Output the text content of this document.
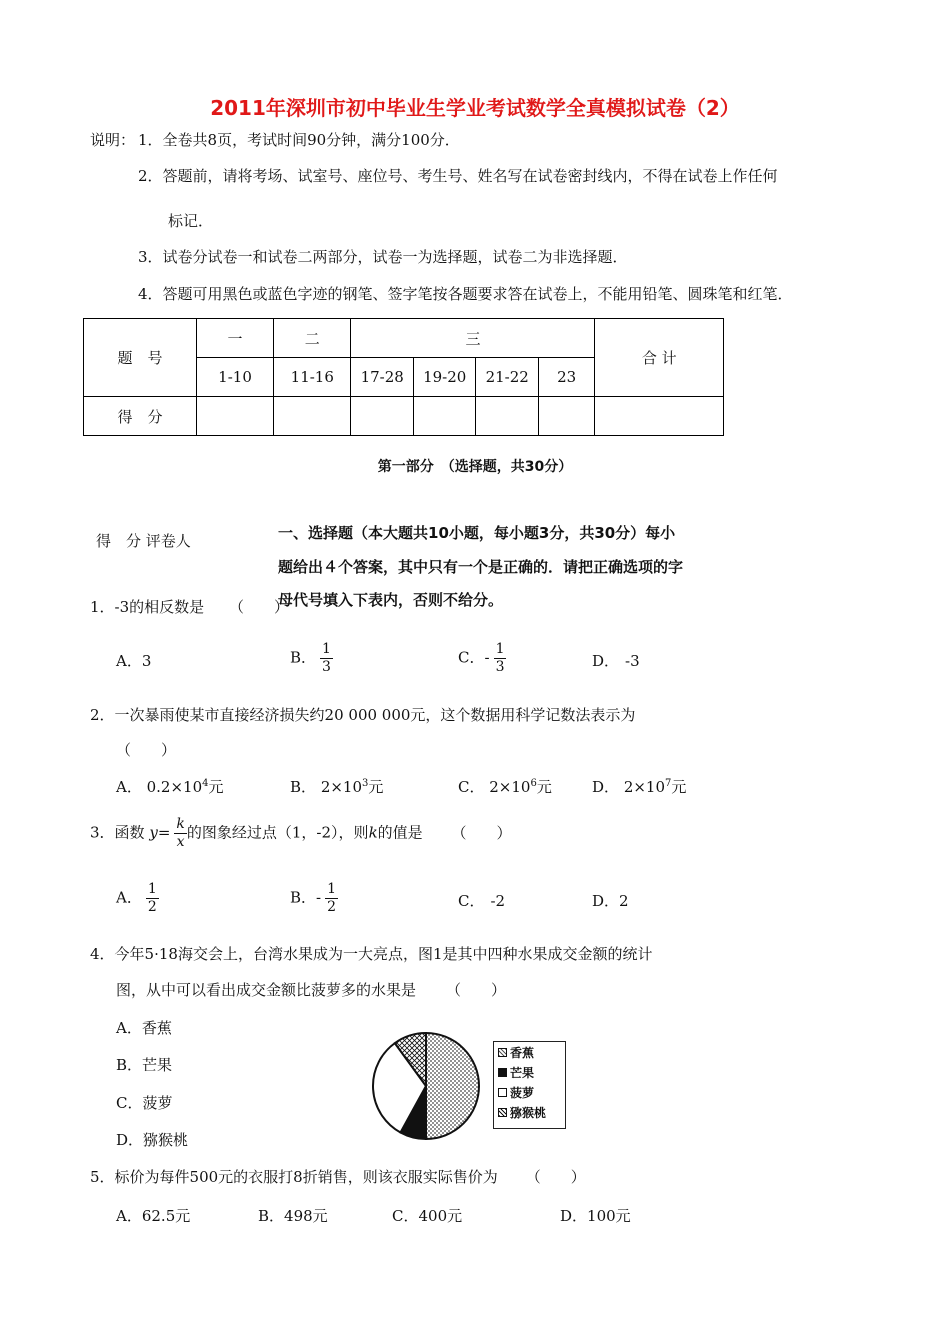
2011年深圳市初中毕业生学业考试数学全真模拟试卷（2）
说明： 1．全卷共8页，考试时间90分钟，满分100分．
2．答题前，请将考场、试室号、座位号、考生号、姓名写在试卷密封线内，不得在试卷上作任何
标记．
3．试卷分试卷一和试卷二两部分，试卷一为选择题，试卷二为非选择题．
4．答题可用黑色或蓝色字迹的钢笔、签字笔按各题要求答在试卷上，不能用铅笔、圆珠笔和红笔．
题　号	一	二	三				合 计
	1-10	11-16	17-28	19-20	21-22	23	
得　分							
第一部分　（选择题，共30分）
得　分 评卷人	一、选择题（本大题共10小题，每小题3分，共30分）每小
题给出４个答案，其中只有一个是正确的．请把正确选项的字
母代号填入下表内，否则不给分。
1．-3的相反数是 （　　）
A．3	B． $\frac{1}{3}$	C．- $\frac{1}{3}$	D． -3
2．一次暴雨使某市直接经济损失约20 000 000元，这个数据用科学记数法表示为
（　　）
A． $0.2\times 10^4$元	B． $2\times 10^3$元	C． $2\times 10^6$元	D． $2\times 10^7$元
3．函数 $y= \frac{k}{x}$ 的图象经过点（1，-2），则k的值是 （　　）
A． $\frac{1}{2}$	B．- $\frac{1}{2}$	C． -2	D．2
4．今年5·18海交会上，台湾水果成为一大亮点，图1是其中四种水果成交金额的统计
图，从中可以看出成交金额比菠萝多的水果是 （　　）
A．香蕉
B．芒果
C．菠萝
D．猕猴桃
香蕉
芒果
菠萝
猕猴桃
5．标价为每件500元的衣服打8折销售，则该衣服实际售价为 （　　）
A．62.5元	B．498元	C．400元	D．100元
